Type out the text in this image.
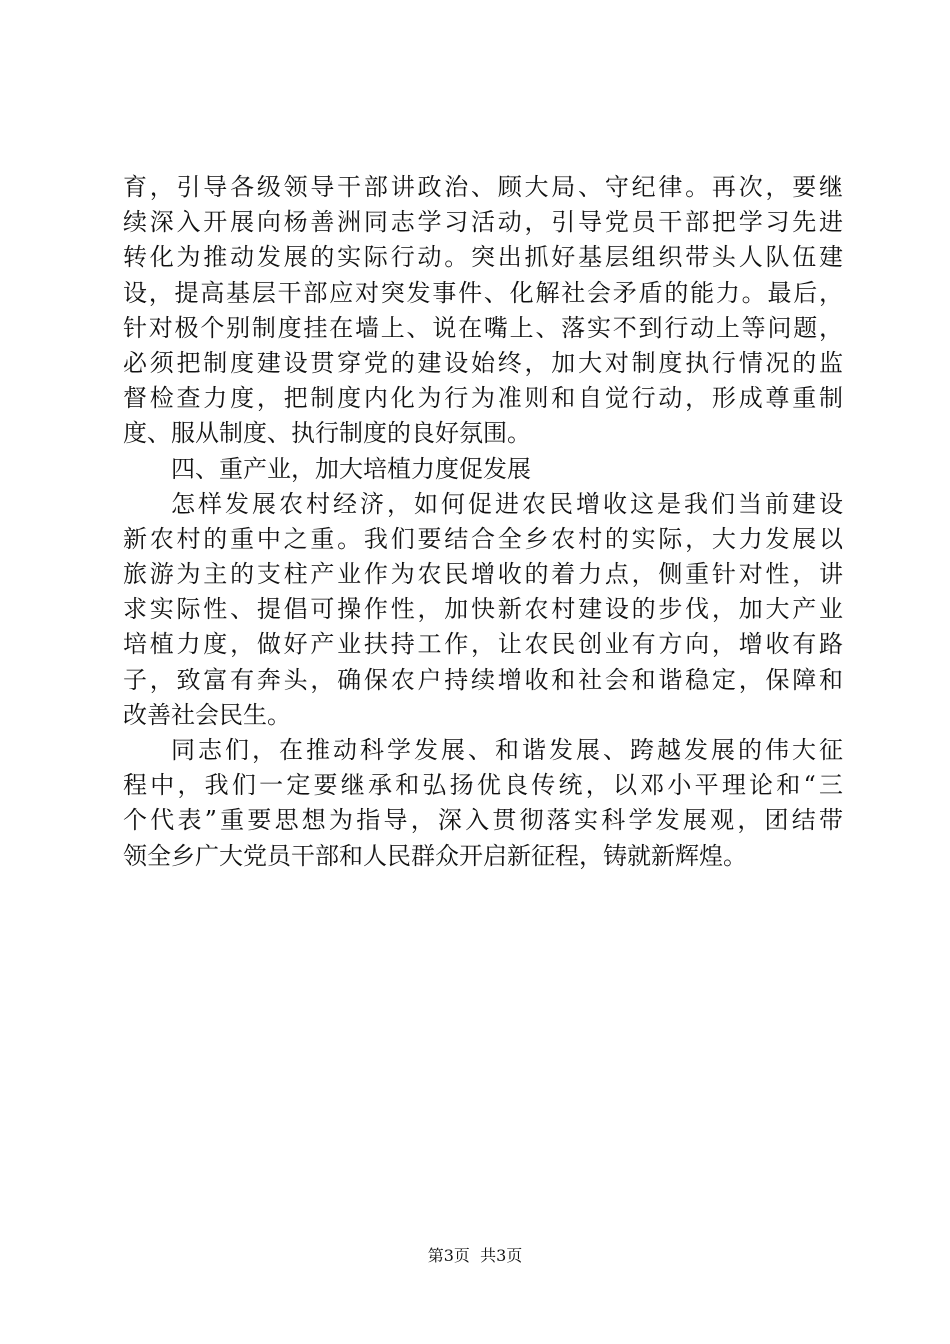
育，引导各级领导干部讲政治、顾大局、守纪律。再次，要继
续深入开展向杨善洲同志学习活动，引导党员干部把学习先进
转化为推动发展的实际行动。突出抓好基层组织带头人队伍建
设，提高基层干部应对突发事件、化解社会矛盾的能力。最后，
针对极个别制度挂在墙上、说在嘴上、落实不到行动上等问题，
必须把制度建设贯穿党的建设始终，加大对制度执行情况的监
督检查力度，把制度内化为行为准则和自觉行动，形成尊重制
度、服从制度、执行制度的良好氛围。
四、重产业，加大培植力度促发展
怎样发展农村经济，如何促进农民增收这是我们当前建设
新农村的重中之重。我们要结合全乡农村的实际，大力发展以
旅游为主的支柱产业作为农民增收的着力点，侧重针对性，讲
求实际性、提倡可操作性，加快新农村建设的步伐，加大产业
培植力度，做好产业扶持工作，让农民创业有方向，增收有路
子，致富有奔头，确保农户持续增收和社会和谐稳定，保障和
改善社会民生。
同志们，在推动科学发展、和谐发展、跨越发展的伟大征
程中，我们一定要继承和弘扬优良传统，以邓小平理论和“三
个代表”重要思想为指导，深入贯彻落实科学发展观，团结带
领全乡广大党员干部和人民群众开启新征程，铸就新辉煌。
第3页  共3页
